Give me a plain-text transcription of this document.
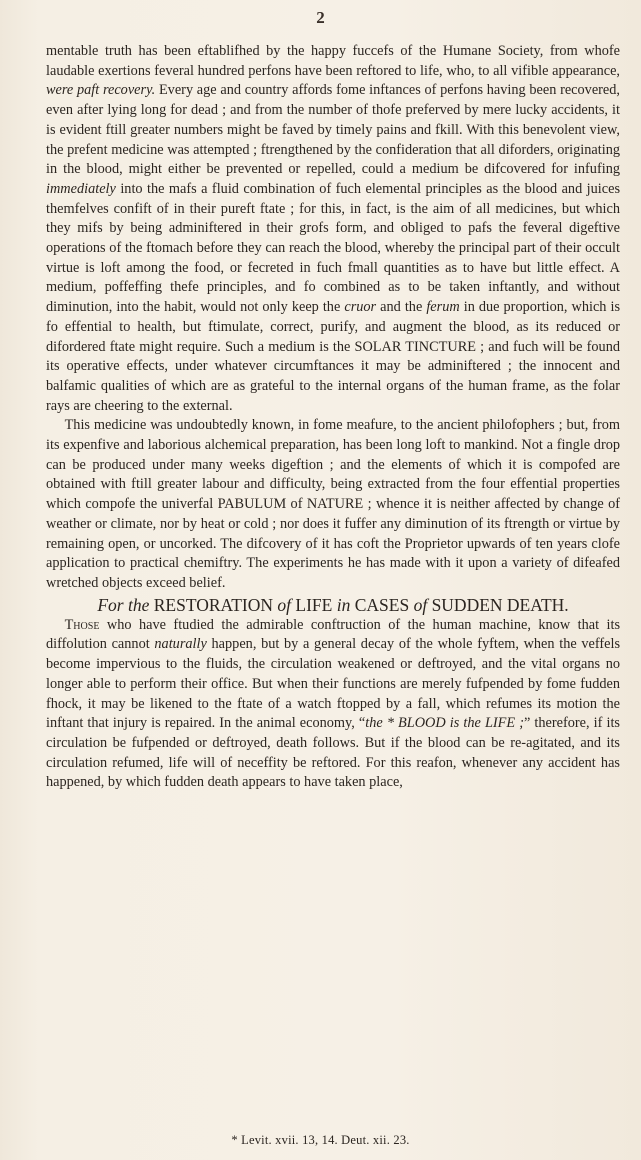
2

mentable truth has been eftablifhed by the happy fuccefs of the Humane Society, from whofe laudable exertions feveral hundred perfons have been reftored to life, who, to all vifible appearance, were paft recovery. Every age and country affords fome inftances of perfons having been recovered, even after lying long for dead ; and from the number of thofe preferved by mere lucky accidents, it is evident ftill greater numbers might be faved by timely pains and fkill. With this benevolent view, the prefent medicine was attempted ; ftrengthened by the confideration that all diforders, originating in the blood, might either be prevented or repelled, could a medium be difcovered for infufing immediately into the mafs a fluid combination of fuch elemental principles as the blood and juices themfelves confift of in their pureft ftate ; for this, in fact, is the aim of all medicines, but which they mifs by being adminiftered in their grofs form, and obliged to pafs the feveral digeftive operations of the ftomach before they can reach the blood, whereby the principal part of their occult virtue is loft among the food, or fecreted in fuch fmall quantities as to have but little effect. A medium, poffeffing thefe principles, and fo combined as to be taken inftantly, and without diminution, into the habit, would not only keep the cruor and the ferum in due proportion, which is fo effential to health, but ftimulate, correct, purify, and augment the blood, as its reduced or difordered ftate might require. Such a medium is the SOLAR TINCTURE ; and fuch will be found its operative effects, under whatever circumftances it may be adminiftered ; the innocent and balfamic qualities of which are as grateful to the internal organs of the human frame, as the folar rays are cheering to the external.

This medicine was undoubtedly known, in fome meafure, to the ancient philofophers ; but, from its expenfive and laborious alchemical preparation, has been long loft to mankind. Not a fingle drop can be produced under many weeks digeftion ; and the elements of which it is compofed are obtained with ftill greater labour and difficulty, being extracted from the four effential properties which compofe the univerfal PABULUM of NATURE ; whence it is neither affected by change of weather or climate, nor by heat or cold ; nor does it fuffer any diminution of its ftrength or virtue by remaining open, or uncorked. The difcovery of it has coft the Proprietor upwards of ten years clofe application to practical chemiftry. The experiments he has made with it upon a variety of difeafed wretched objects exceed belief.

For the RESTORATION of LIFE in CASES of SUDDEN DEATH.

Those who have ftudied the admirable conftruction of the human machine, know that its diffolution cannot naturally happen, but by a general decay of the whole fyftem, when the veffels become impervious to the fluids, the circulation weakened or deftroyed, and the vital organs no longer able to perform their office. But when their functions are merely fufpended by fome fudden fhock, it may be likened to the ftate of a watch ftopped by a fall, which refumes its motion the inftant that injury is repaired. In the animal economy, “the * BLOOD is the LIFE ;” therefore, if its circulation be fufpended or deftroyed, death follows. But if the blood can be re-agitated, and its circulation refumed, life will of neceffity be reftored. For this reafon, whenever any accident has happened, by which fudden death appears to have taken place,

* Levit. xvii. 13, 14. Deut. xii. 23.
